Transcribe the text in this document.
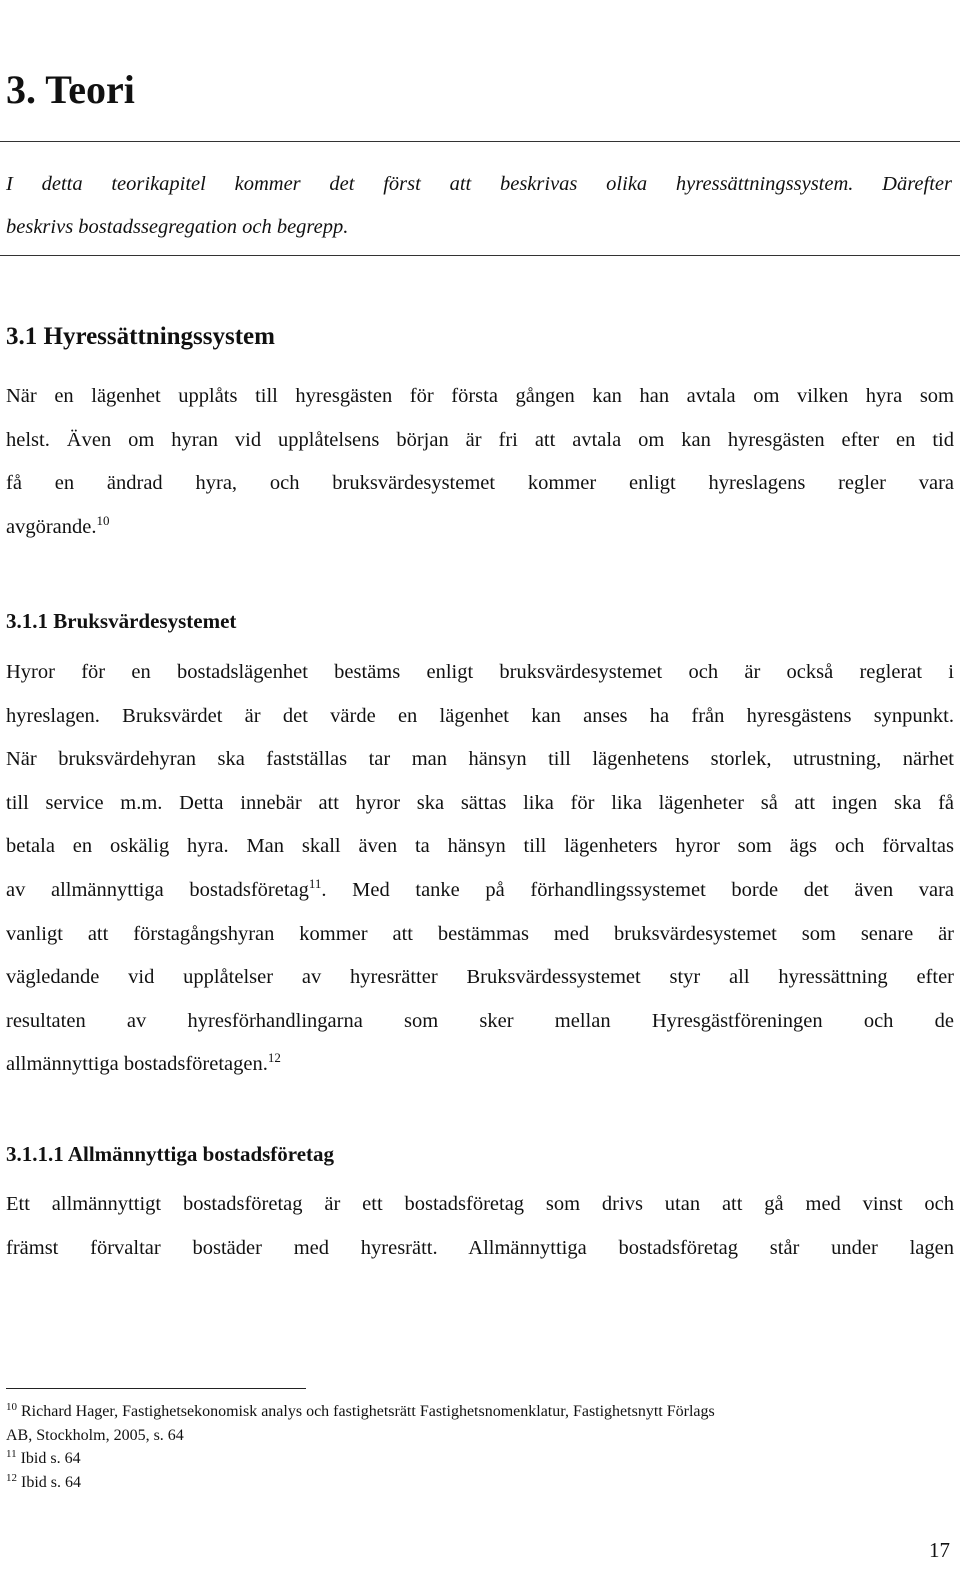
3. Teori
I detta teorikapitel kommer det först att beskrivas olika hyressättningssystem. Därefter
beskrivs bostadssegregation och begrepp.
3.1 Hyressättningssystem
När en lägenhet upplåts till hyresgästen för första gången kan han avtala om vilken hyra som
helst. Även om hyran vid upplåtelsens början är fri att avtala om kan hyresgästen efter en tid
få en ändrad hyra, och bruksvärdesystemet kommer enligt hyreslagens regler vara
avgörande.$^{10}$
3.1.1 Bruksvärdesystemet
Hyror för en bostadslägenhet bestäms enligt bruksvärdesystemet och är också reglerat i
hyreslagen. Bruksvärdet är det värde en lägenhet kan anses ha från hyresgästens synpunkt.
När bruksvärdehyran ska fastställas tar man hänsyn till lägenhetens storlek, utrustning, närhet
till service m.m. Detta innebär att hyror ska sättas lika för lika lägenheter så att ingen ska få
betala en oskälig hyra. Man skall även ta hänsyn till lägenheters hyror som ägs och förvaltas
av allmännyttiga bostadsföretag$^{11}$. Med tanke på förhandlingssystemet borde det även vara
vanligt att förstagångshyran kommer att bestämmas med bruksvärdesystemet som senare är
vägledande vid upplåtelser av hyresrätter Bruksvärdessystemet styr all hyressättning efter
resultaten av hyresförhandlingarna som sker mellan Hyresgästföreningen och de
allmännyttiga bostadsföretagen.$^{12}$
3.1.1.1 Allmännyttiga bostadsföretag
Ett allmännyttigt bostadsföretag är ett bostadsföretag som drivs utan att gå med vinst och
främst förvaltar bostäder med hyresrätt. Allmännyttiga bostadsföretag står under lagen
$^{10}$ Richard Hager, Fastighetsekonomisk analys och fastighetsrätt Fastighetsnomenklatur, Fastighetsnytt Förlags
AB, Stockholm, 2005, s. 64
$^{11}$ Ibid s. 64
$^{12}$ Ibid s. 64
17
